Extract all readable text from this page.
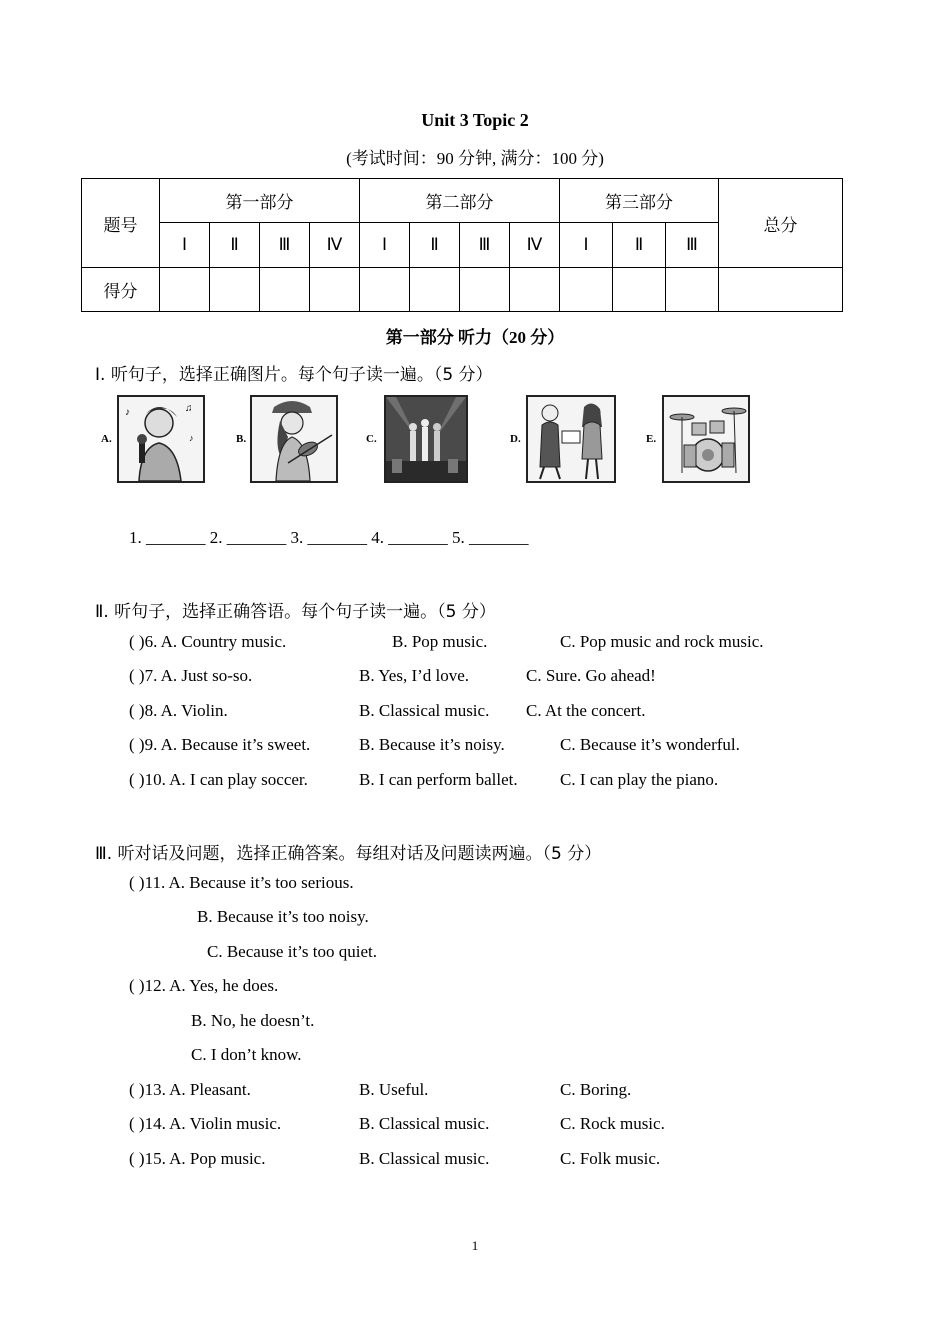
Unit 3 Topic 2
(考试时间：90 分钟, 满分：100 分)
题号	第一部分				第二部分				第三部分			总分
	Ⅰ	Ⅱ	Ⅲ	Ⅳ	Ⅰ	Ⅱ	Ⅲ	Ⅳ	Ⅰ	Ⅱ	Ⅲ	
得分												
第一部分 听力（20 分）
Ⅰ. 听句子，选择正确图片。每个句子读一遍。（5 分）
A.
♪	♫
♪	B.	C.	D.	E.
1. _______ 2. _______ 3. _______ 4. _______ 5. _______
Ⅱ. 听句子，选择正确答语。每个句子读一遍。（5 分）
( )6. A. Country music.	B. Pop music.	C. Pop music and rock music.
( )7. A. Just so-so.	B. Yes, I’d love.	C. Sure. Go ahead!
( )8. A. Violin.	B. Classical music. C. At the concert.
( )9. A. Because it’s sweet.	B. Because it’s noisy.	C. Because it’s wonderful.
( )10. A. I can play soccer.	B. I can perform ballet. C. I can play the piano.
Ⅲ. 听对话及问题，选择正确答案。每组对话及问题读两遍。（5 分）
( )11. A. Because it’s too serious.
B. Because it’s too noisy.
C. Because it’s too quiet.
( )12. A. Yes, he does.
B. No, he doesn’t.
C. I don’t know.
( )13. A. Pleasant.	B. Useful.	C. Boring.
( )14. A. Violin music.	B. Classical music.	C. Rock music.
( )15. A. Pop music.	B. Classical music.	C. Folk music.
1
